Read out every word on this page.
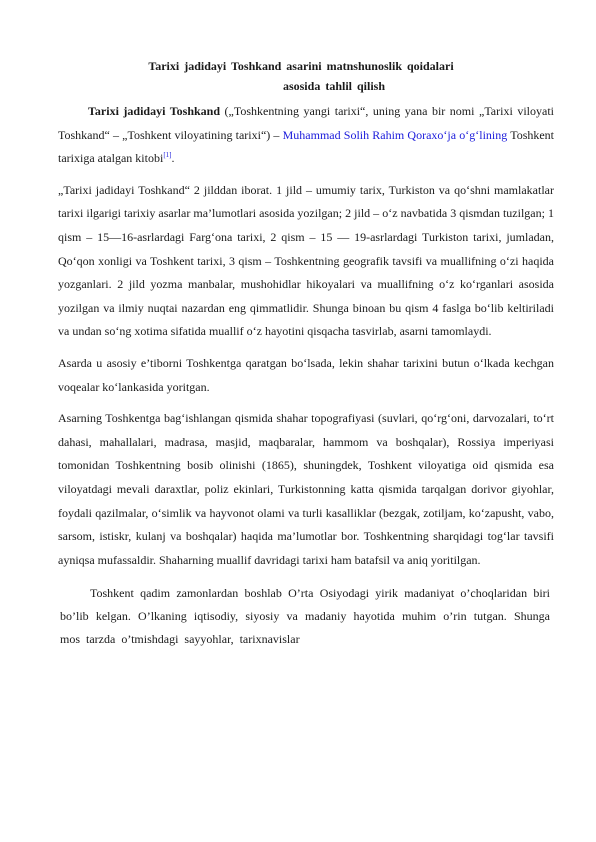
Tarixi jadidayi Toshkand asarini matnshunoslik qoidalari
asosida tahlil qilish

Tarixi jadidayi Toshkand („Toshkentning yangi tarixi“, uning yana bir nomi „Tarixi viloyati Toshkand“ – „Toshkent viloyatining tarixi“) – Muhammad Solih Rahim Qoraxo‘ja o‘g‘lining Toshkent tarixiga atalgan kitobi[1].

„Tarixi jadidayi Toshkand“ 2 jilddan iborat. 1 jild – umumiy tarix, Turkiston va qo‘shni mamlakatlar tarixi ilgarigi tarixiy asarlar ma’lumotlari asosida yozilgan; 2 jild – o‘z navbatida 3 qismdan tuzilgan; 1 qism – 15—16-asrlardagi Farg‘ona tarixi, 2 qism – 15 — 19-asrlardagi Turkiston tarixi, jumladan, Qo‘qon xonligi va Toshkent tarixi, 3 qism – Toshkentning geografik tavsifi va muallifning o‘zi haqida yozganlari. 2 jild yozma manbalar, mushohidlar hikoyalari va muallifning o‘z ko‘rganlari asosida yozilgan va ilmiy nuqtai nazardan eng qimmatlidir. Shunga binoan bu qism 4 faslga bo‘lib keltiriladi va undan so‘ng xotima sifatida muallif o‘z hayotini qisqacha tasvirlab, asarni tamomlaydi.

Asarda u asosiy e’tiborni Toshkentga qaratgan bo‘lsada, lekin shahar tarixini butun o‘lkada kechgan voqealar ko‘lankasida yoritgan.

Asarning Toshkentga bag‘ishlangan qismida shahar topografiyasi (suvlari, qo‘rg‘oni, darvozalari, to‘rt dahasi, mahallalari, madrasa, masjid, maqbaralar, hammom va boshqalar), Rossiya imperiyasi tomonidan Toshkentning bosib olinishi (1865), shuningdek, Toshkent viloyatiga oid qismida esa viloyatdagi mevali daraxtlar, poliz ekinlari, Turkistonning katta qismida tarqalgan dorivor giyohlar, foydali qazilmalar, o‘simlik va hayvonot olami va turli kasalliklar (bezgak, zotiljam, ko‘zapusht, vabo, sarsom, istiskr, kulanj va boshqalar) haqida ma’lumotlar bor. Toshkentning sharqidagi tog‘lar tavsifi ayniqsa mufassaldir. Shaharning muallif davridagi tarixi ham batafsil va aniq yoritilgan.

Toshkent qadim zamonlardan boshlab O’rta Osiyodagi yirik madaniyat o’choqlaridan biri bo’lib kelgan. O’lkaning iqtisodiy, siyosiy va madaniy hayotida muhim o’rin tutgan. Shunga mos tarzda o’tmishdagi sayyohlar, tarixnavislar
